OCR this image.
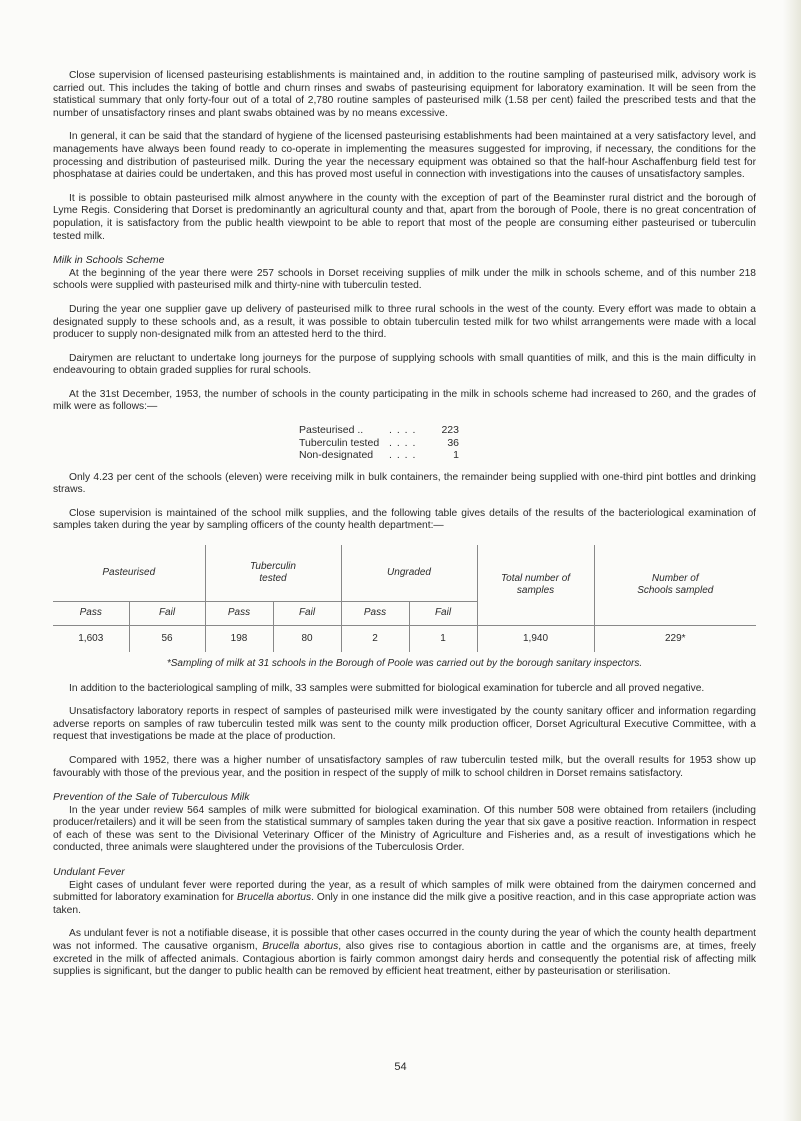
Close supervision of licensed pasteurising establishments is maintained and, in addition to the routine sampling of pasteurised milk, advisory work is carried out. This includes the taking of bottle and churn rinses and swabs of pasteurising equipment for laboratory examination. It will be seen from the statistical summary that only forty-four out of a total of 2,780 routine samples of pasteurised milk (1.58 per cent) failed the prescribed tests and that the number of unsatisfactory rinses and plant swabs obtained was by no means excessive.

In general, it can be said that the standard of hygiene of the licensed pasteurising establishments had been maintained at a very satisfactory level, and managements have always been found ready to co-operate in implementing the measures suggested for improving, if necessary, the conditions for the processing and distribution of pasteurised milk. During the year the necessary equipment was obtained so that the half-hour Aschaffenburg field test for phosphatase at dairies could be undertaken, and this has proved most useful in connection with investigations into the causes of unsatisfactory samples.

It is possible to obtain pasteurised milk almost anywhere in the county with the exception of part of the Beaminster rural district and the borough of Lyme Regis. Considering that Dorset is predominantly an agricultural county and that, apart from the borough of Poole, there is no great concentration of population, it is satisfactory from the public health viewpoint to be able to report that most of the people are consuming either pasteurised or tuberculin tested milk.

Milk in Schools Scheme

At the beginning of the year there were 257 schools in Dorset receiving supplies of milk under the milk in schools scheme, and of this number 218 schools were supplied with pasteurised milk and thirty-nine with tuberculin tested.

During the year one supplier gave up delivery of pasteurised milk to three rural schools in the west of the county. Every effort was made to obtain a designated supply to these schools and, as a result, it was possible to obtain tuberculin tested milk for two whilst arrangements were made with a local producer to supply non-designated milk from an attested herd to the third.

Dairymen are reluctant to undertake long journeys for the purpose of supplying schools with small quantities of milk, and this is the main difficulty in endeavouring to obtain graded supplies for rural schools.

At the 31st December, 1953, the number of schools in the county participating in the milk in schools scheme had increased to 260, and the grades of milk were as follows:—

Pasteurised ..	. . . .	223
Tuberculin tested . . . .	36
Non-designated	. . . .	1

Only 4.23 per cent of the schools (eleven) were receiving milk in bulk containers, the remainder being supplied with one-third pint bottles and drinking straws.

Close supervision is maintained of the school milk supplies, and the following table gives details of the results of the bacteriological examination of samples taken during the year by sampling officers of the county health department:—

Pasteurised		Tuberculin tested		Ungraded		Total number of samples	Number of Schools sampled
Pass	Fail	Pass	Fail	Pass	Fail		
1,603	56	198	80	2	1	1,940	229*
*Sampling of milk at 31 schools in the Borough of Poole was carried out by the borough sanitary inspectors.

In addition to the bacteriological sampling of milk, 33 samples were submitted for biological examination for tubercle and all proved negative.

Unsatisfactory laboratory reports in respect of samples of pasteurised milk were investigated by the county sanitary officer and information regarding adverse reports on samples of raw tuberculin tested milk was sent to the county milk production officer, Dorset Agricultural Executive Committee, with a request that investigations be made at the place of production.

Compared with 1952, there was a higher number of unsatisfactory samples of raw tuberculin tested milk, but the overall results for 1953 show up favourably with those of the previous year, and the position in respect of the supply of milk to school children in Dorset remains satisfactory.

Prevention of the Sale of Tuberculous Milk

In the year under review 564 samples of milk were submitted for biological examination. Of this number 508 were obtained from retailers (including producer/retailers) and it will be seen from the statistical summary of samples taken during the year that six gave a positive reaction. Information in respect of each of these was sent to the Divisional Veterinary Officer of the Ministry of Agriculture and Fisheries and, as a result of investigations which he conducted, three animals were slaughtered under the provisions of the Tuberculosis Order.

Undulant Fever

Eight cases of undulant fever were reported during the year, as a result of which samples of milk were obtained from the dairymen concerned and submitted for laboratory examination for Brucella abortus. Only in one instance did the milk give a positive reaction, and in this case appropriate action was taken.

As undulant fever is not a notifiable disease, it is possible that other cases occurred in the county during the year of which the county health department was not informed. The causative organism, Brucella abortus, also gives rise to contagious abortion in cattle and the organisms are, at times, freely excreted in the milk of affected animals. Contagious abortion is fairly common amongst dairy herds and consequently the potential risk of affecting milk supplies is significant, but the danger to public health can be removed by efficient heat treatment, either by pasteurisation or sterilisation.

54
